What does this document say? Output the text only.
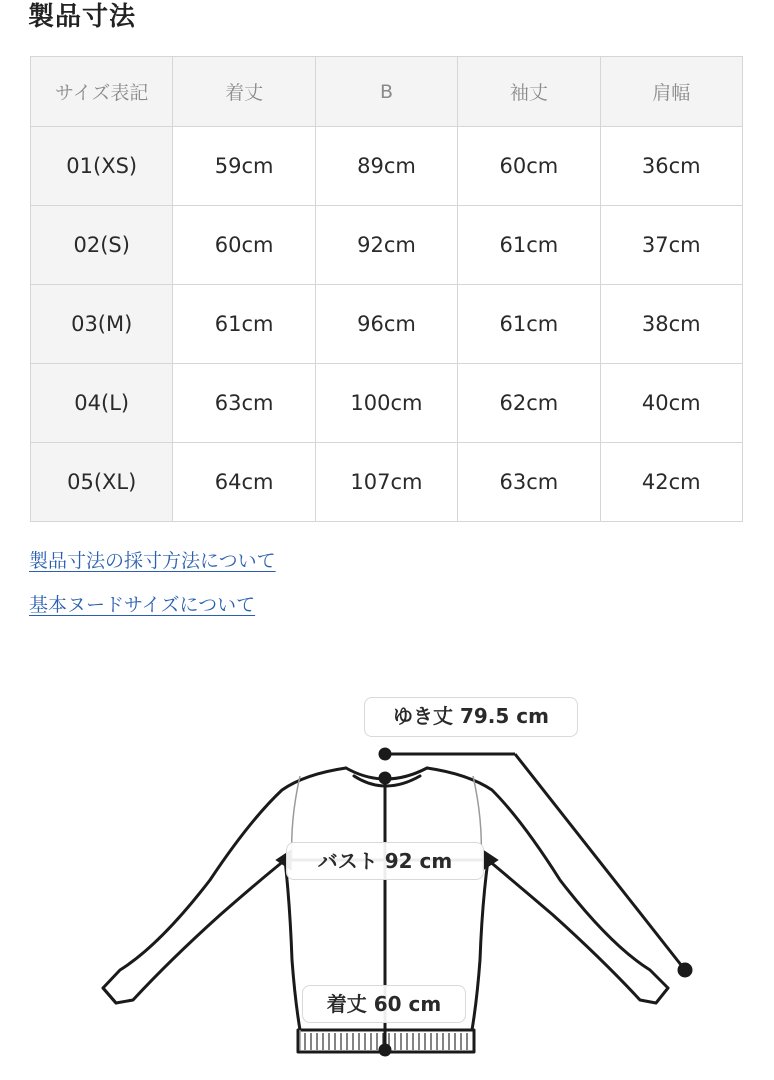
製品寸法
サイズ表記	着丈	B	袖丈	肩幅
01(XS)	59cm	89cm	60cm	36cm
02(S)	60cm	92cm	61cm	37cm
03(M)	61cm	96cm	61cm	38cm
04(L)	63cm	100cm	62cm	40cm
05(XL)	64cm	107cm	63cm	42cm
製品寸法の採寸方法について
基本ヌードサイズについて
ゆき丈 79.5 cm
バスト 92 cm
着丈 60 cm
